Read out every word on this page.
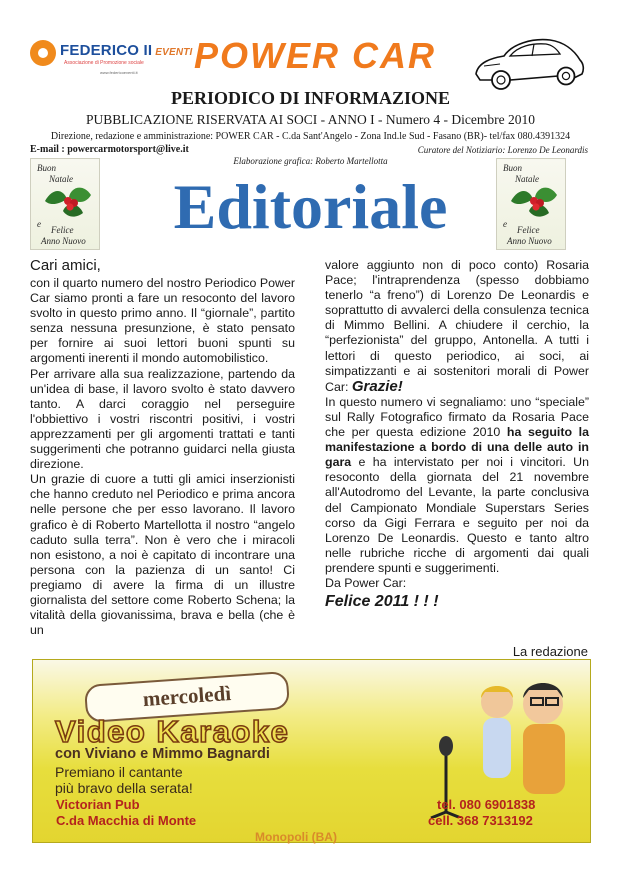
FEDERICO II EVENTI
Associazione di Promozione sociale
www.federicoeventi.it	POWER CAR
PERIODICO DI INFORMAZIONE
PUBBLICAZIONE RISERVATA AI SOCI - ANNO I - Numero 4 - Dicembre 2010
Direzione, redazione e amministrazione: POWER CAR - C.da Sant'Angelo - Zona Ind.le Sud - Fasano (BR)- tel/fax 080.4391324
E-mail : powercarmotorsport@live.it	Curatore del Notiziario: Lorenzo De Leonardis
Elaborazione grafica: Roberto Martellotta
Buon
Natale
e
Felice
Anno Nuovo
Buon
Natale
e
Felice
Anno Nuovo
Editoriale

Cari amici,

con il quarto numero del nostro Periodico Power Car siamo pronti a fare un resoconto del lavoro svolto in questo primo anno. Il “giornale”, partito senza nessuna presunzione, è stato pensato per fornire ai suoi lettori buoni spunti su argomenti inerenti il mondo automobilistico.

Per arrivare alla sua realizzazione, partendo da un'idea di base, il lavoro svolto è stato davvero tanto. A darci coraggio nel perseguire l'obbiettivo i vostri riscontri positivi, i vostri apprezzamenti per gli argomenti trattati e tanti suggerimenti che potranno guidarci nella giusta direzione.

Un grazie di cuore a tutti gli amici inserzionisti che hanno creduto nel Periodico e prima ancora nelle persone che per esso lavorano. Il lavoro grafico è di Roberto Martellotta il nostro “angelo caduto sulla terra”. Non è vero che i miracoli non esistono, a noi è capitato di incontrare una persona con la pazienza di un santo! Ci pregiamo di avere la firma di un illustre giornalista del settore come Roberto Schena; la vitalità della giovanissima, brava e bella (che è un

valore aggiunto non di poco conto) Rosaria Pace; l'intraprendenza (spesso dobbiamo tenerlo “a freno”) di Lorenzo De Leonardis e soprattutto di avvalerci della consulenza tecnica di Mimmo Bellini. A chiudere il cerchio, la “perfezionista” del gruppo, Antonella. A tutti i lettori di questo periodico, ai soci, ai simpatizzanti e ai sostenitori morali di Power Car: Grazie!

In questo numero vi segnaliamo: uno “speciale” sul Rally Fotografico firmato da Rosaria Pace che per questa edizione 2010 ha seguito la manifestazione a bordo di una delle auto in gara e ha intervistato per noi i vincitori. Un resoconto della giornata del 21 novembre all'Autodromo del Levante, la parte conclusiva del Campionato Mondiale Superstars Series corso da Gigi Ferrara e seguito per noi da Lorenzo De Leonardis. Questo e tanto altro nelle rubriche ricche di argomenti dai quali prendere spunti e suggerimenti.

Da Power Car:

Felice 2011 ! ! !

La redazione
mercoledì
Video Karaoke
con Viviano e Mimmo Bagnardi
Premiano il cantante
più bravo della serata!
Victorian Pub
C.da Macchia di Monte
tel. 080 6901838
cell. 368 7313192
Monopoli (BA)
